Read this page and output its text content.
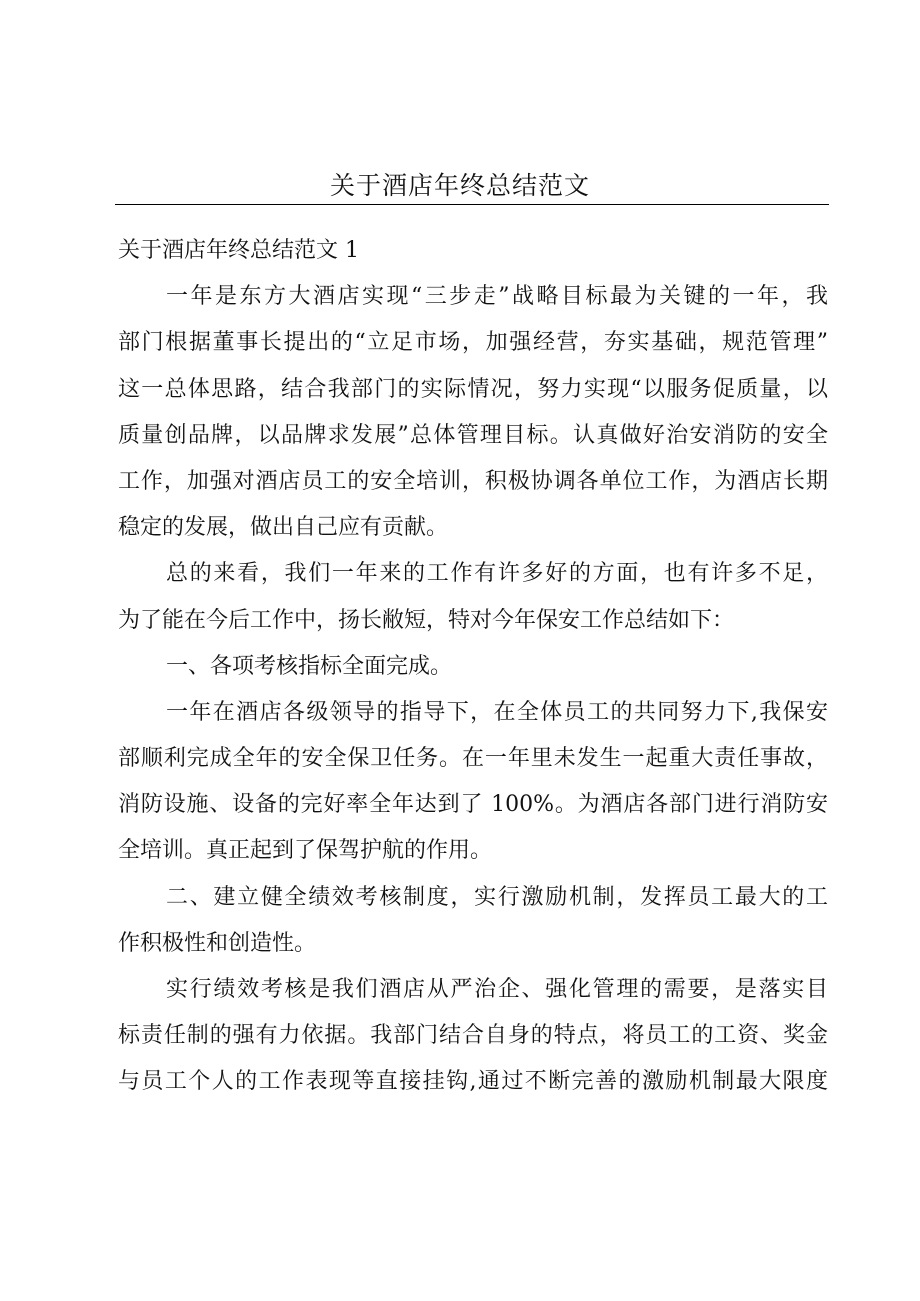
关于酒店年终总结范文
关于酒店年终总结范文 1
一年是东方大酒店实现“三步走”战略目标最为关键的一年，我
部门根据董事长提出的“立足市场，加强经营，夯实基础，规范管理”
这一总体思路，结合我部门的实际情况，努力实现“以服务促质量，以
质量创品牌，以品牌求发展”总体管理目标。认真做好治安消防的安全
工作，加强对酒店员工的安全培训，积极协调各单位工作，为酒店长期
稳定的发展，做出自己应有贡献。
总的来看，我们一年来的工作有许多好的方面，也有许多不足，
为了能在今后工作中，扬长敝短，特对今年保安工作总结如下：
一、各项考核指标全面完成。
一年在酒店各级领导的指导下，在全体员工的共同努力下,我保安
部顺利完成全年的安全保卫任务。在一年里未发生一起重大责任事故，
消防设施、设备的完好率全年达到了 100%。为酒店各部门进行消防安
全培训。真正起到了保驾护航的作用。
二、建立健全绩效考核制度，实行激励机制，发挥员工最大的工
作积极性和创造性。
实行绩效考核是我们酒店从严治企、强化管理的需要，是落实目
标责任制的强有力依据。我部门结合自身的特点，将员工的工资、奖金
与员工个人的工作表现等直接挂钩,通过不断完善的激励机制最大限度
